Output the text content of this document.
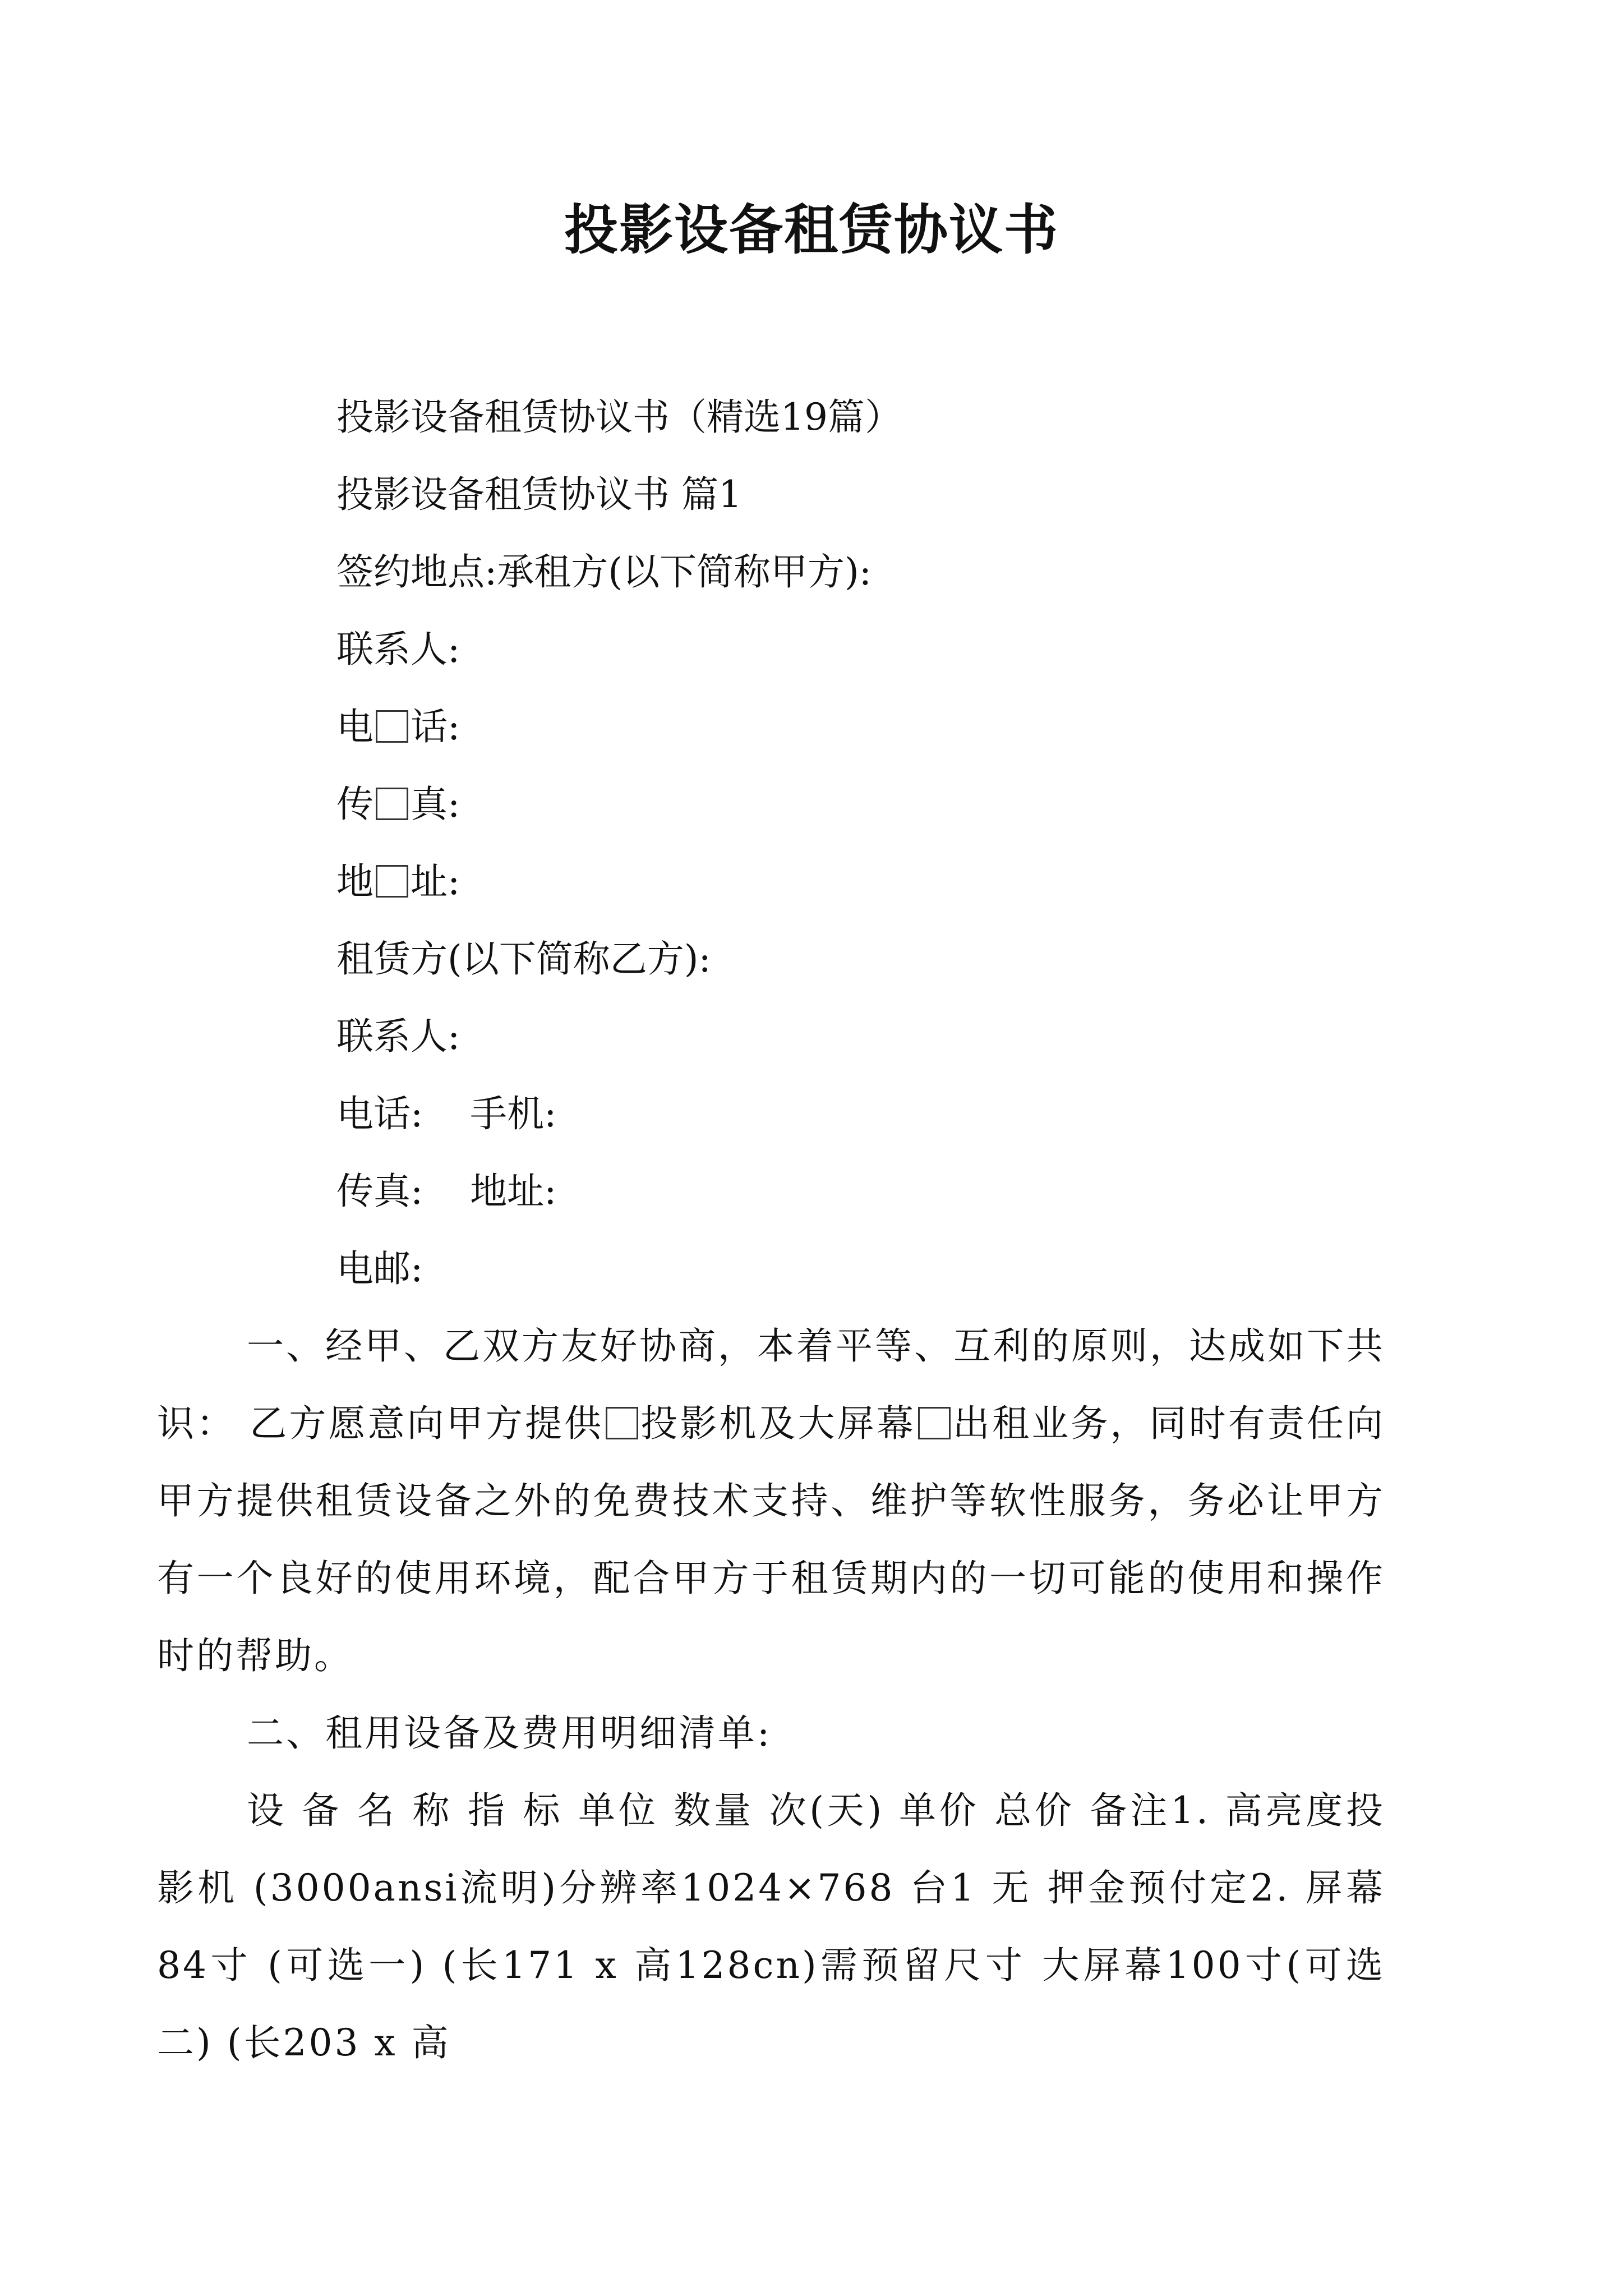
投影设备租赁协议书
投影设备租赁协议书（精选19篇）
投影设备租赁协议书 篇1
签约地点:承租方(以下简称甲方):
联系人:
电 话:
传 真:
地 址:
租赁方(以下简称乙方):
联系人:
电话:    手机:
传真:    地址:
电邮:
一、经甲、乙双方友好协商，本着平等、互利的原则，达成如下共识： 乙方愿意向甲方提供 投影机及大屏幕 出租业务，同时有责任向甲方提供租赁设备之外的免费技术支持、维护等软性服务，务必让甲方有一个良好的使用环境，配合甲方于租赁期内的一切可能的使用和操作时的帮助。
二、租用设备及费用明细清单:
设 备 名 称 指 标 单位 数量 次(天) 单价 总价 备注1. 高亮度投影机 (3000ansi流明)分辨率1024×768 台1 无 押金预付定2. 屏幕84寸 (可选一) (长171 x 高128cn)需预留尺寸 大屏幕100寸(可选二) (长203 x 高
